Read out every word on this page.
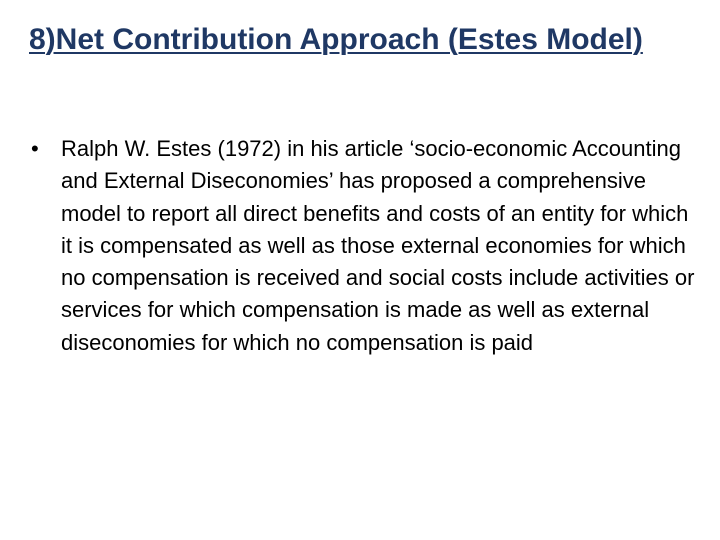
8)Net Contribution Approach (Estes Model)
• Ralph W. Estes (1972) in his article ‘socio-economic Accounting and External Diseconomies’ has proposed a comprehensive model to report all direct benefits and costs of an entity for which it is compensated as well as those external economies for which no compensation is received and social costs include activities or services for which compensation is made as well as external diseconomies for which no compensation is paid
